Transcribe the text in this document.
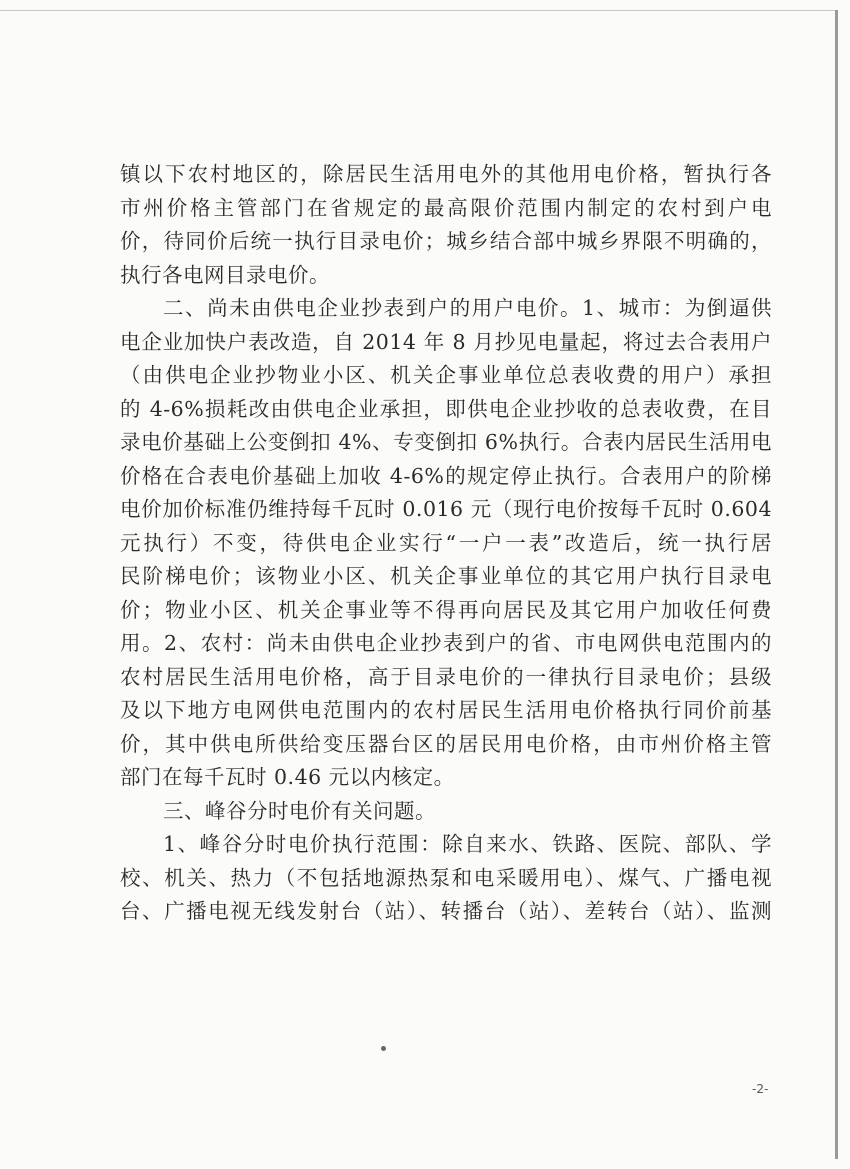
镇以下农村地区的，除居民生活用电外的其他用电价格，暂执行各
市州价格主管部门在省规定的最高限价范围内制定的农村到户电
价，待同价后统一执行目录电价；城乡结合部中城乡界限不明确的，
执行各电网目录电价。
二、尚未由供电企业抄表到户的用户电价。1、城市：为倒逼供
电企业加快户表改造，自 2014 年 8 月抄见电量起，将过去合表用户
（由供电企业抄物业小区、机关企事业单位总表收费的用户）承担
的 4-6%损耗改由供电企业承担，即供电企业抄收的总表收费，在目
录电价基础上公变倒扣 4%、专变倒扣 6%执行。合表内居民生活用电
价格在合表电价基础上加收 4-6%的规定停止执行。合表用户的阶梯
电价加价标准仍维持每千瓦时 0.016 元（现行电价按每千瓦时 0.604
元执行）不变，待供电企业实行“一户一表”改造后，统一执行居
民阶梯电价；该物业小区、机关企事业单位的其它用户执行目录电
价；物业小区、机关企事业等不得再向居民及其它用户加收任何费
用。2、农村：尚未由供电企业抄表到户的省、市电网供电范围内的
农村居民生活用电价格，高于目录电价的一律执行目录电价；县级
及以下地方电网供电范围内的农村居民生活用电价格执行同价前基
价，其中供电所供给变压器台区的居民用电价格，由市州价格主管
部门在每千瓦时 0.46 元以内核定。
三、峰谷分时电价有关问题。
1、峰谷分时电价执行范围：除自来水、铁路、医院、部队、学
校、机关、热力（不包括地源热泵和电采暖用电）、煤气、广播电视
台、广播电视无线发射台（站）、转播台（站）、差转台（站）、监测
-2-
